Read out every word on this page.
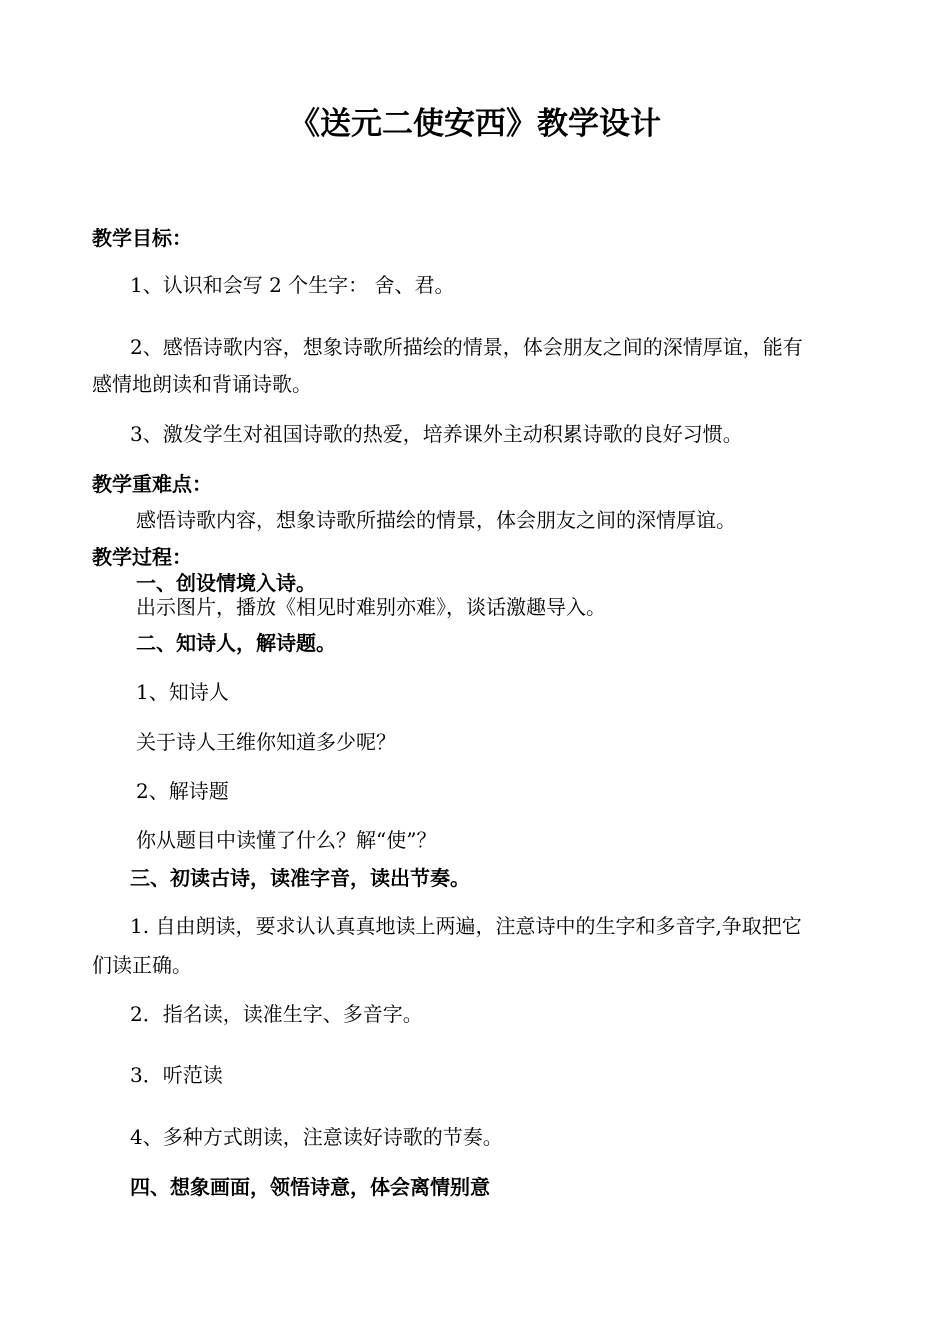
《送元二使安西》教学设计
教学目标：
1、认识和会写 2 个生字： 舍、君。
2、感悟诗歌内容，想象诗歌所描绘的情景，体会朋友之间的深情厚谊，能有
感情地朗读和背诵诗歌。
3、激发学生对祖国诗歌的热爱，培养课外主动积累诗歌的良好习惯。
教学重难点：
感悟诗歌内容，想象诗歌所描绘的情景，体会朋友之间的深情厚谊。
教学过程：
一、创设情境入诗。
出示图片，播放《相见时难别亦难》，谈话激趣导入。
二、知诗人，解诗题。
1、知诗人
关于诗人王维你知道多少呢？
2、解诗题
你从题目中读懂了什么？解“使”？
三、初读古诗，读准字音，读出节奏。
1. 自由朗读，要求认认真真地读上两遍，注意诗中的生字和多音字,争取把它
们读正确。
2．指名读，读准生字、多音字。
3．听范读
4、多种方式朗读，注意读好诗歌的节奏。
四、想象画面，领悟诗意，体会离情别意
